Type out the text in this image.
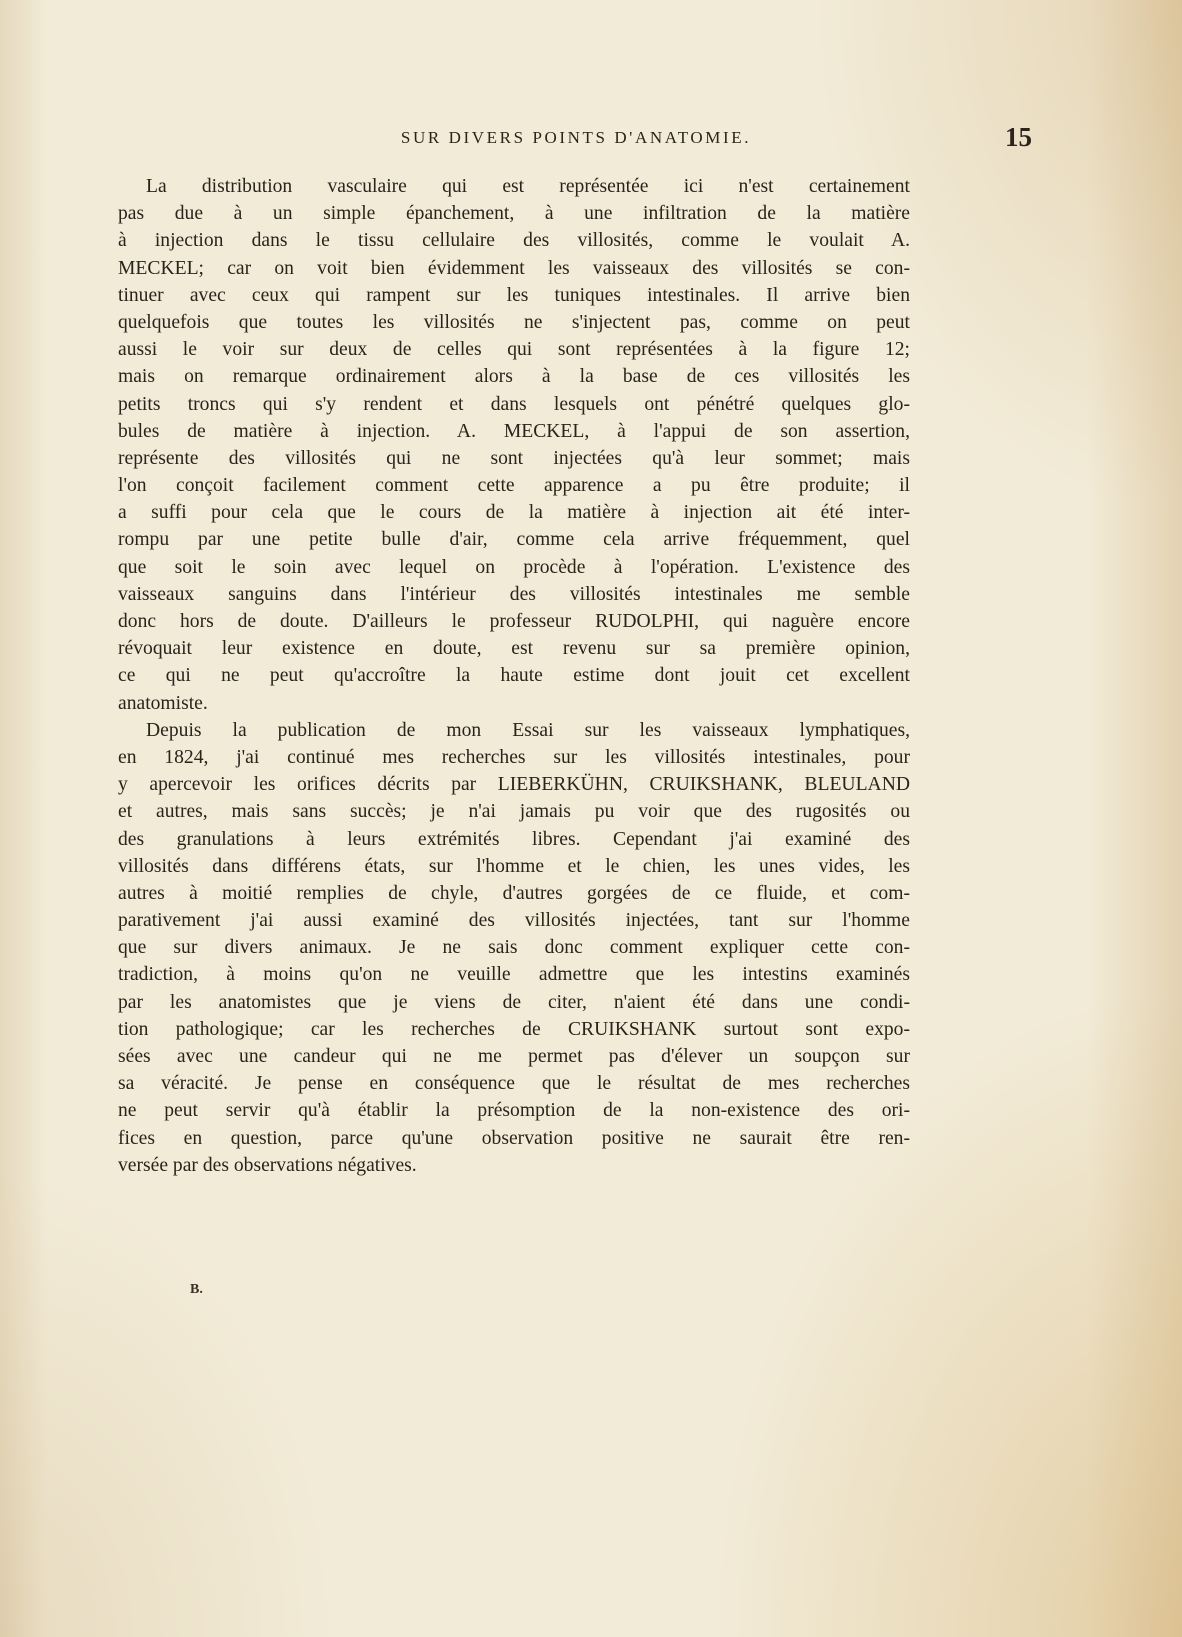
SUR DIVERS POINTS D'ANATOMIE.	15
La distribution vasculaire qui est représentée ici n'est certainement
pas due à un simple épanchement, à une infiltration de la matière
à injection dans le tissu cellulaire des villosités, comme le voulait A.
MECKEL; car on voit bien évidemment les vaisseaux des villosités se con-
tinuer avec ceux qui rampent sur les tuniques intestinales. Il arrive bien
quelquefois que toutes les villosités ne s'injectent pas, comme on peut
aussi le voir sur deux de celles qui sont représentées à la figure 12;
mais on remarque ordinairement alors à la base de ces villosités les
petits troncs qui s'y rendent et dans lesquels ont pénétré quelques glo-
bules de matière à injection. A. MECKEL, à l'appui de son assertion,
représente des villosités qui ne sont injectées qu'à leur sommet; mais
l'on conçoit facilement comment cette apparence a pu être produite; il
a suffi pour cela que le cours de la matière à injection ait été inter-
rompu par une petite bulle d'air, comme cela arrive fréquemment, quel
que soit le soin avec lequel on procède à l'opération. L'existence des
vaisseaux sanguins dans l'intérieur des villosités intestinales me semble
donc hors de doute. D'ailleurs le professeur RUDOLPHI, qui naguère encore
révoquait leur existence en doute, est revenu sur sa première opinion,
ce qui ne peut qu'accroître la haute estime dont jouit cet excellent
anatomiste.
Depuis la publication de mon Essai sur les vaisseaux lymphatiques,
en 1824, j'ai continué mes recherches sur les villosités intestinales, pour
y apercevoir les orifices décrits par LIEBERKÜHN, CRUIKSHANK, BLEULAND
et autres, mais sans succès; je n'ai jamais pu voir que des rugosités ou
des granulations à leurs extrémités libres. Cependant j'ai examiné des
villosités dans différens états, sur l'homme et le chien, les unes vides, les
autres à moitié remplies de chyle, d'autres gorgées de ce fluide, et com-
parativement j'ai aussi examiné des villosités injectées, tant sur l'homme
que sur divers animaux. Je ne sais donc comment expliquer cette con-
tradiction, à moins qu'on ne veuille admettre que les intestins examinés
par les anatomistes que je viens de citer, n'aient été dans une condi-
tion pathologique; car les recherches de CRUIKSHANK surtout sont expo-
sées avec une candeur qui ne me permet pas d'élever un soupçon sur
sa véracité. Je pense en conséquence que le résultat de mes recherches
ne peut servir qu'à établir la présomption de la non-existence des ori-
fices en question, parce qu'une observation positive ne saurait être ren-
versée par des observations négatives.
B.
